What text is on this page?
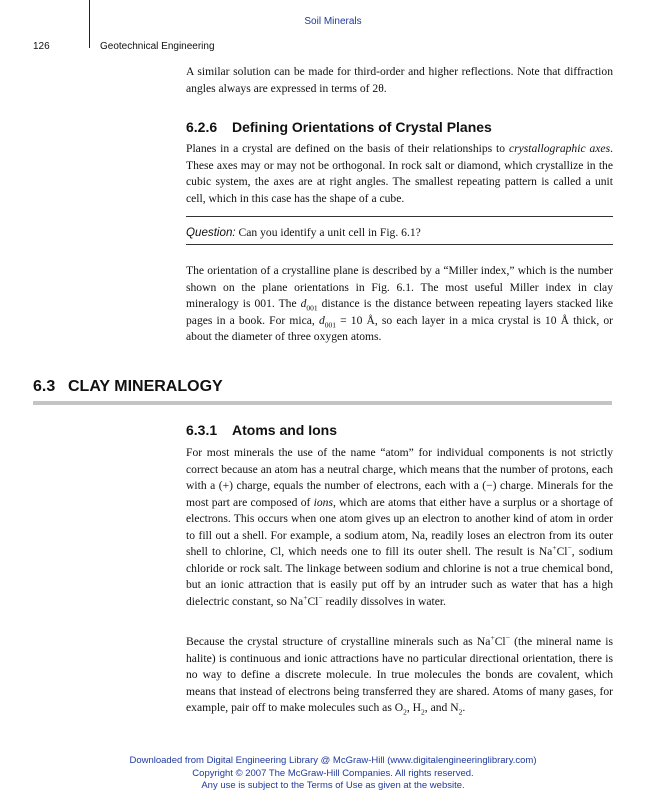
Soil Minerals
126	Geotechnical Engineering

A similar solution can be made for third-order and higher reflections. Note that diffraction angles always are expressed in terms of 2θ.

6.2.6 Defining Orientations of Crystal Planes

Planes in a crystal are defined on the basis of their relationships to crystallographic axes. These axes may or may not be orthogonal. In rock salt or diamond, which crystallize in the cubic system, the axes are at right angles. The smallest repeating pattern is called a unit cell, which in this case has the shape of a cube.

Question: Can you identify a unit cell in Fig. 6.1?

The orientation of a crystalline plane is described by a “Miller index,” which is the number shown on the plane orientations in Fig. 6.1. The most useful Miller index in clay mineralogy is 001. The $d_{001}$ distance is the distance between repeating layers stacked like pages in a book. For mica, $d_{001} = 10$ Å, so each layer in a mica crystal is 10 Å thick, or about the diameter of three oxygen atoms.

6.3 CLAY MINERALOGY
6.3.1 Atoms and Ions

For most minerals the use of the name “atom” for individual components is not strictly correct because an atom has a neutral charge, which means that the number of protons, each with a (+) charge, equals the number of electrons, each with a (−) charge. Minerals for the most part are composed of ions, which are atoms that either have a surplus or a shortage of electrons. This occurs when one atom gives up an electron to another kind of atom in order to fill out a shell. For example, a sodium atom, Na, readily loses an electron from its outer shell to chlorine, Cl, which needs one to fill its outer shell. The result is Na+Cl−, sodium chloride or rock salt. The linkage between sodium and chlorine is not a true chemical bond, but an ionic attraction that is easily put off by an intruder such as water that has a high dielectric constant, so Na+Cl− readily dissolves in water.

Because the crystal structure of crystalline minerals such as Na+Cl− (the mineral name is halite) is continuous and ionic attractions have no particular directional orientation, there is no way to define a discrete molecule. In true molecules the bonds are covalent, which means that instead of electrons being transferred they are shared. Atoms of many gases, for example, pair off to make molecules such as $O_2$, $H_2$, and $N_2$.

Downloaded from Digital Engineering Library @ McGraw-Hill (www.digitalengineeringlibrary.com)
Copyright © 2007 The McGraw-Hill Companies. All rights reserved.
Any use is subject to the Terms of Use as given at the website.
